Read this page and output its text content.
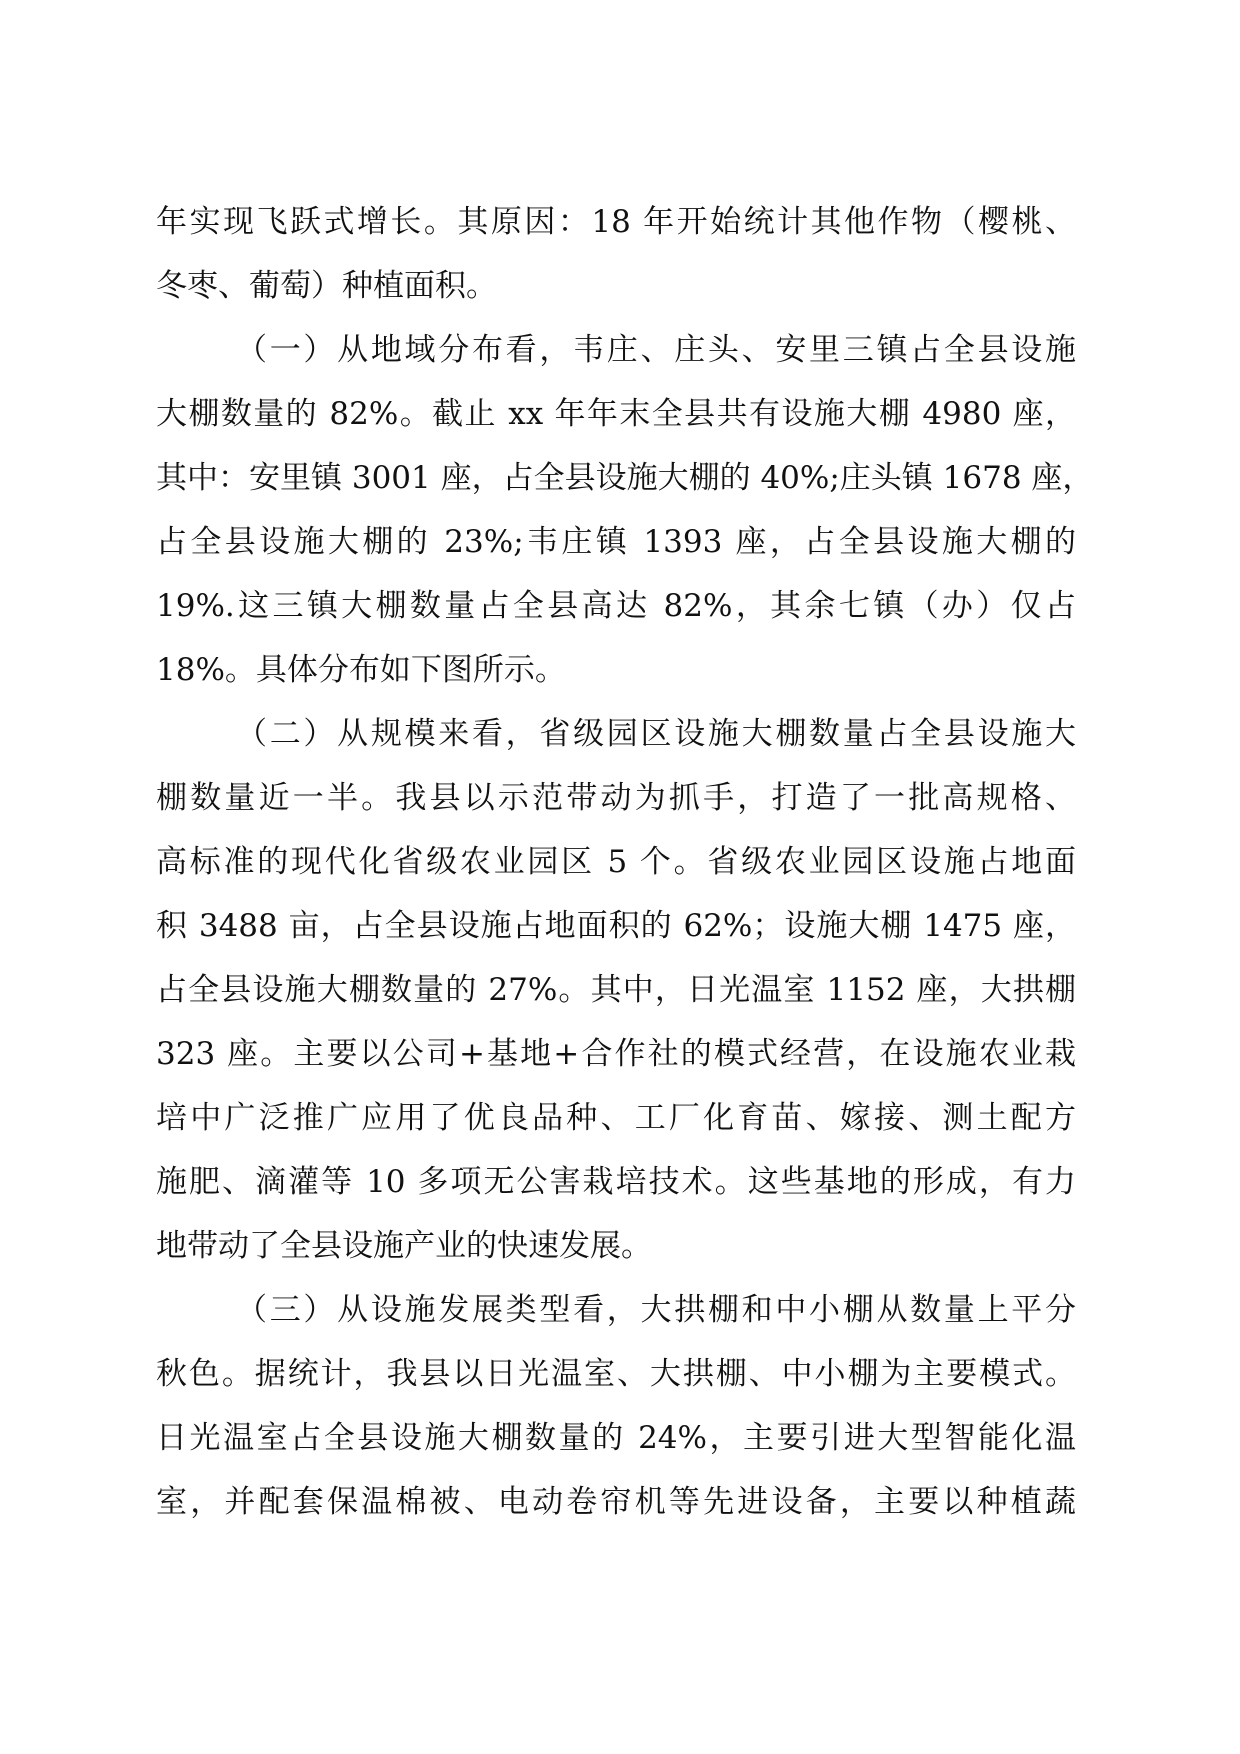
年实现飞跃式增长。其原因：18 年开始统计其他作物（樱桃、
冬枣、葡萄）种植面积。
（一）从地域分布看，韦庄、庄头、安里三镇占全县设施
大棚数量的 82%。截止 xx 年年末全县共有设施大棚 4980 座，
其中：安里镇 3001 座，占全县设施大棚的 40%;庄头镇 1678 座，
占全县设施大棚的 23%;韦庄镇 1393 座，占全县设施大棚的
19%.这三镇大棚数量占全县高达 82%，其余七镇（办）仅占
18%。具体分布如下图所示。
（二）从规模来看，省级园区设施大棚数量占全县设施大
棚数量近一半。我县以示范带动为抓手，打造了一批高规格、
高标准的现代化省级农业园区 5 个。省级农业园区设施占地面
积 3488 亩，占全县设施占地面积的 62%；设施大棚 1475 座，
占全县设施大棚数量的 27%。其中，日光温室 1152 座，大拱棚
323 座。主要以公司+基地+合作社的模式经营，在设施农业栽
培中广泛推广应用了优良品种、工厂化育苗、嫁接、测土配方
施肥、滴灌等 10 多项无公害栽培技术。这些基地的形成，有力
地带动了全县设施产业的快速发展。
（三）从设施发展类型看，大拱棚和中小棚从数量上平分
秋色。据统计，我县以日光温室、大拱棚、中小棚为主要模式。
日光温室占全县设施大棚数量的 24%，主要引进大型智能化温
室，并配套保温棉被、电动卷帘机等先进设备，主要以种植蔬
